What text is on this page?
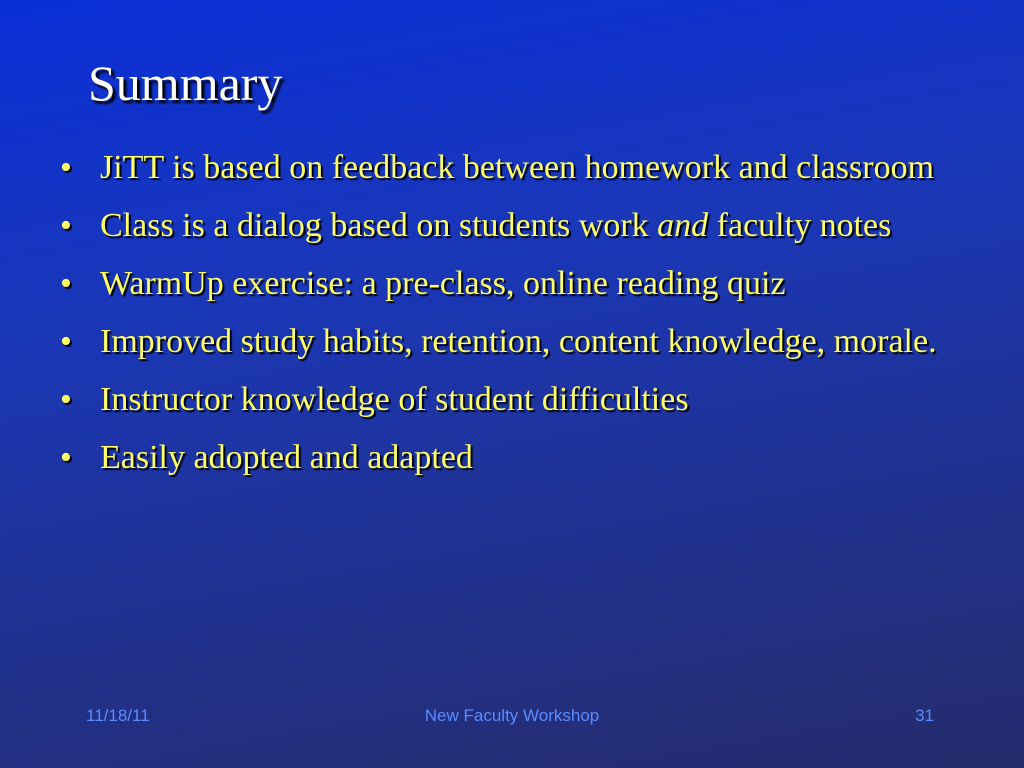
Summary
• JiTT is based on feedback between homework and classroom
• Class is a dialog based on students work and faculty notes
• WarmUp exercise: a pre-class, online reading quiz
• Improved study habits, retention, content knowledge, morale.
• Instructor knowledge of student difficulties
• Easily adopted and adapted
11/18/11	New Faculty Workshop	31
